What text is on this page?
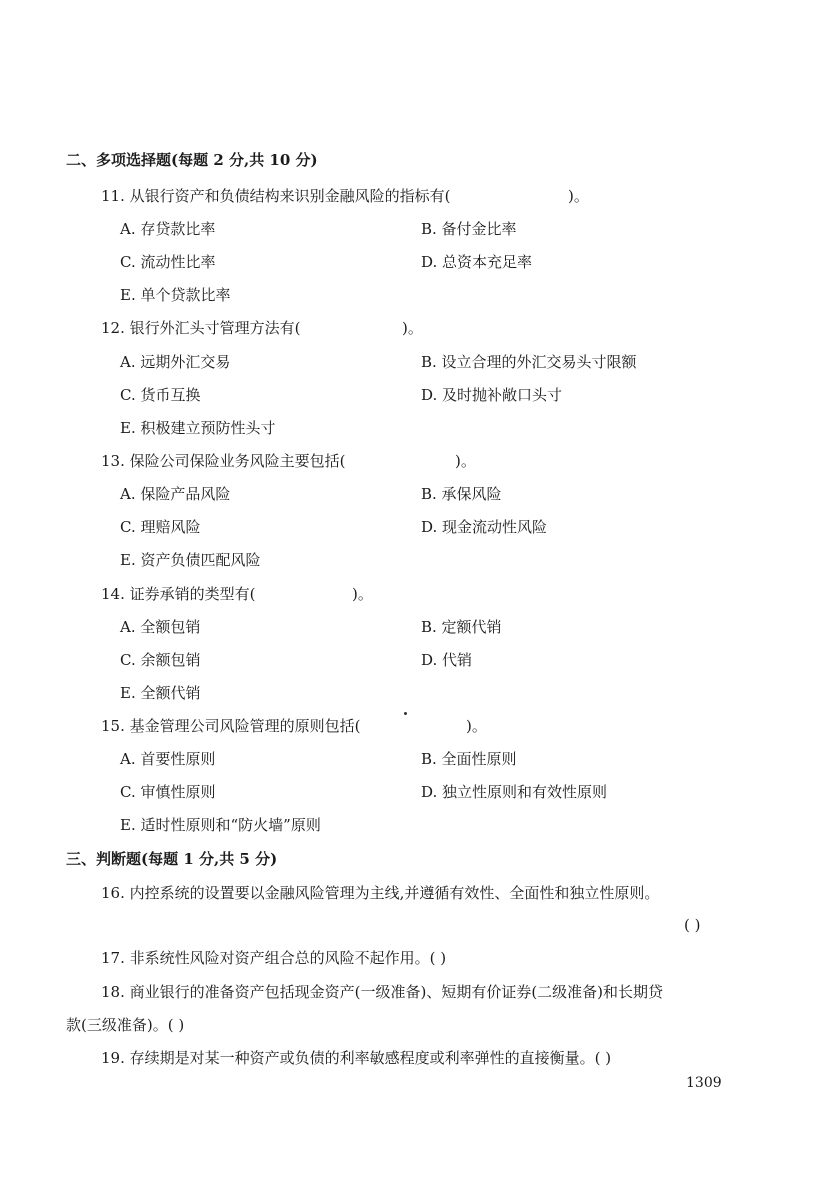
二、多项选择题(每题 2 分,共 10 分)
11. 从银行资产和负债结构来识别金融风险的指标有(	)。
A. 存贷款比率	B. 备付金比率
C. 流动性比率	D. 总资本充足率
E. 单个贷款比率
12. 银行外汇头寸管理方法有(	)。
A. 远期外汇交易	B. 设立合理的外汇交易头寸限额
C. 货币互换	D. 及时抛补敞口头寸
E. 积极建立预防性头寸
13. 保险公司保险业务风险主要包括(	)。
A. 保险产品风险	B. 承保风险
C. 理赔风险	D. 现金流动性风险
E. 资产负债匹配风险
14. 证券承销的类型有(	)。
A. 全额包销	B. 定额代销
C. 余额包销	D. 代销
E. 全额代销
15. 基金管理公司风险管理的原则包括(	)。
A. 首要性原则	B. 全面性原则
C. 审慎性原则	D. 独立性原则和有效性原则
E. 适时性原则和“防火墙”原则
三、判断题(每题 1 分,共 5 分)
16. 内控系统的设置要以金融风险管理为主线,并遵循有效性、全面性和独立性原则。
( )
17. 非系统性风险对资产组合总的风险不起作用。( )
18. 商业银行的准备资产包括现金资产(一级准备)、短期有价证券(二级准备)和长期贷
款(三级准备)。( )
19. 存续期是对某一种资产或负债的利率敏感程度或利率弹性的直接衡量。( )
1309
